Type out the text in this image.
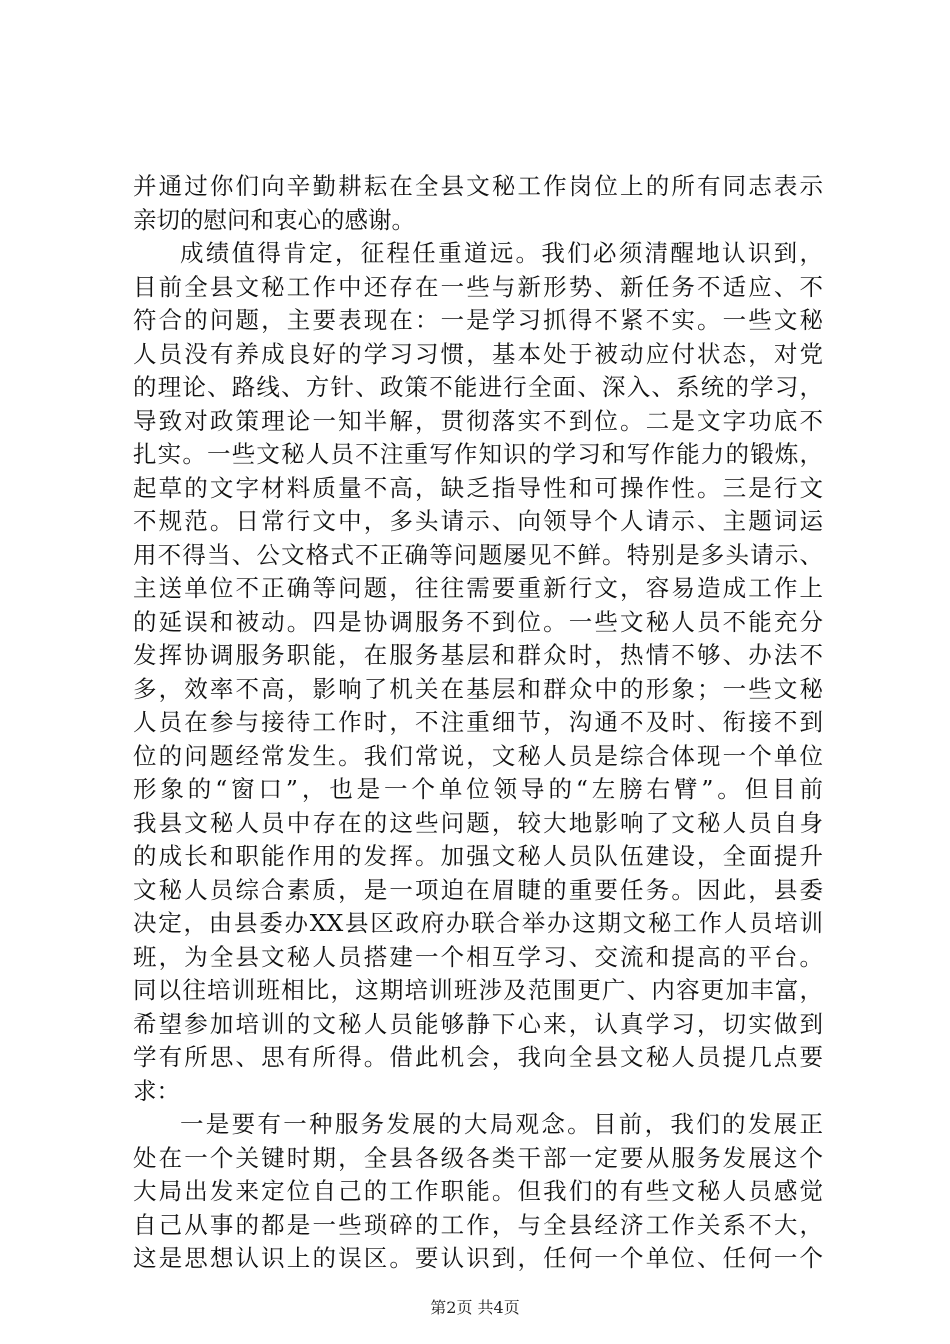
并通过你们向辛勤耕耘在全县文秘工作岗位上的所有同志表示
亲切的慰问和衷心的感谢。
成绩值得肯定，征程任重道远。我们必须清醒地认识到，
目前全县文秘工作中还存在一些与新形势、新任务不适应、不
符合的问题，主要表现在：一是学习抓得不紧不实。一些文秘
人员没有养成良好的学习习惯，基本处于被动应付状态，对党
的理论、路线、方针、政策不能进行全面、深入、系统的学习，
导致对政策理论一知半解，贯彻落实不到位。二是文字功底不
扎实。一些文秘人员不注重写作知识的学习和写作能力的锻炼，
起草的文字材料质量不高，缺乏指导性和可操作性。三是行文
不规范。日常行文中，多头请示、向领导个人请示、主题词运
用不得当、公文格式不正确等问题屡见不鲜。特别是多头请示、
主送单位不正确等问题，往往需要重新行文，容易造成工作上
的延误和被动。四是协调服务不到位。一些文秘人员不能充分
发挥协调服务职能，在服务基层和群众时，热情不够、办法不
多，效率不高，影响了机关在基层和群众中的形象；一些文秘
人员在参与接待工作时，不注重细节，沟通不及时、衔接不到
位的问题经常发生。我们常说，文秘人员是综合体现一个单位
形象的“窗口”，也是一个单位领导的“左膀右臂”。但目前
我县文秘人员中存在的这些问题，较大地影响了文秘人员自身
的成长和职能作用的发挥。加强文秘人员队伍建设，全面提升
文秘人员综合素质，是一项迫在眉睫的重要任务。因此，县委
决定，由县委办XX县区政府办联合举办这期文秘工作人员培训
班，为全县文秘人员搭建一个相互学习、交流和提高的平台。
同以往培训班相比，这期培训班涉及范围更广、内容更加丰富，
希望参加培训的文秘人员能够静下心来，认真学习，切实做到
学有所思、思有所得。借此机会，我向全县文秘人员提几点要
求：
一是要有一种服务发展的大局观念。目前，我们的发展正
处在一个关键时期，全县各级各类干部一定要从服务发展这个
大局出发来定位自己的工作职能。但我们的有些文秘人员感觉
自己从事的都是一些琐碎的工作，与全县经济工作关系不大，
这是思想认识上的误区。要认识到，任何一个单位、任何一个
第2页 共4页
